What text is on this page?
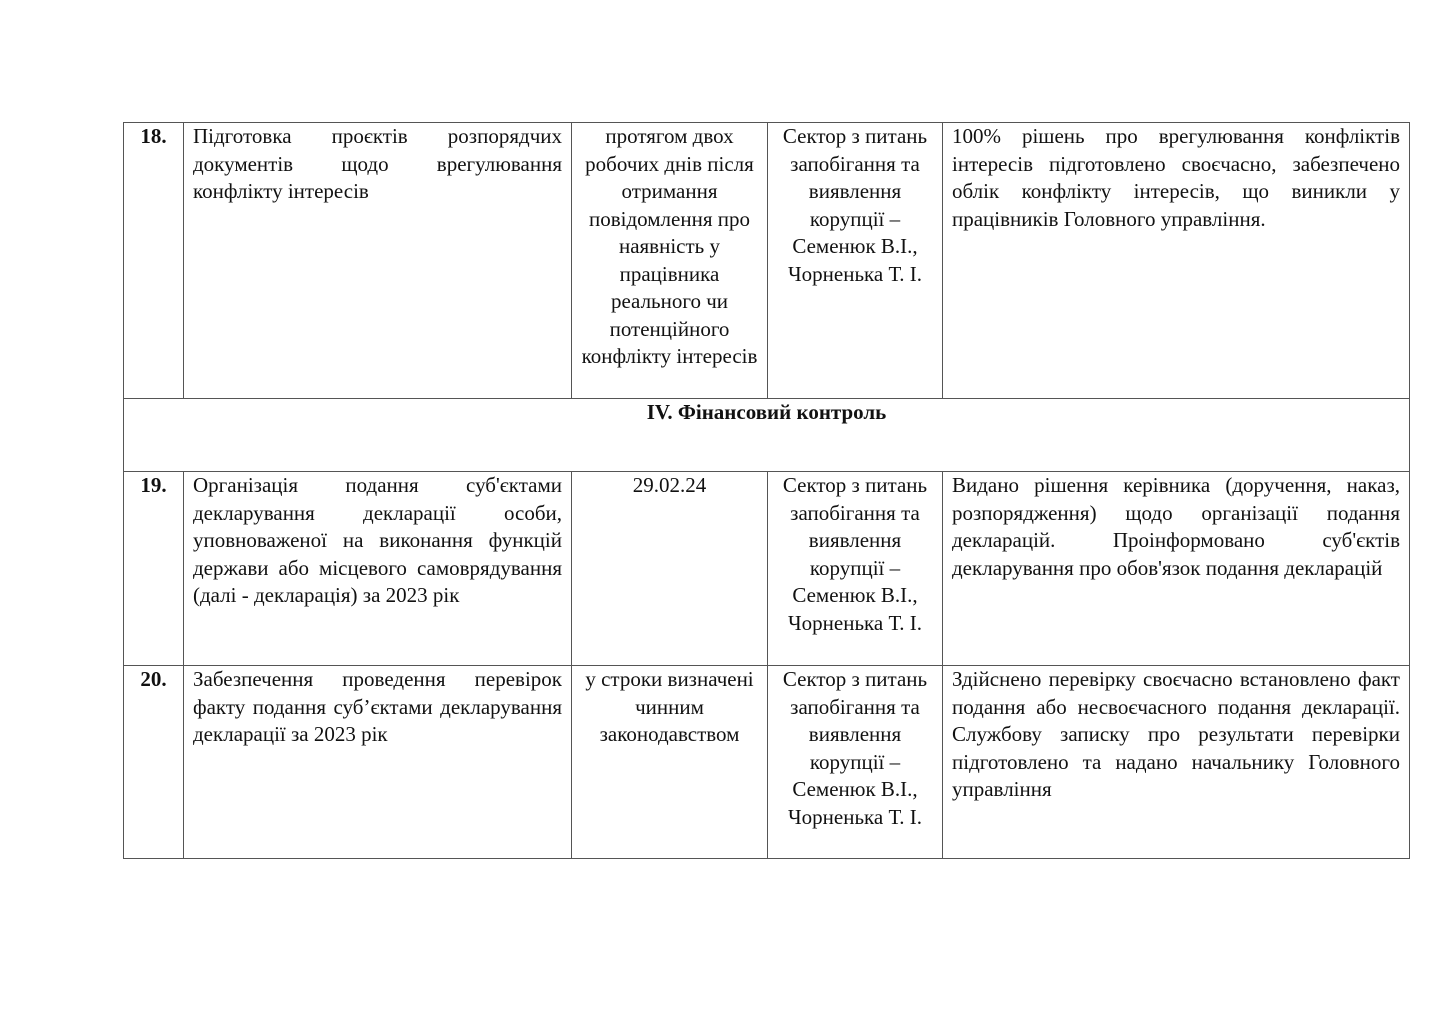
18.	Підготовка проєктів розпорядчих документів щодо врегулювання конфлікту інтересів	протягом двох робочих днів після отримання повідомлення про наявність у працівника реального чи потенційного конфлікту інтересів	Сектор з питань запобігання та виявлення корупції – Семенюк В.І., Чорненька Т. І.	100% рішень про врегулювання конфліктів інтересів підготовлено своєчасно, забезпечено облік конфлікту інтересів, що виникли у працівників Головного управління.
IV. Фінансовий контроль				
19.	Організація подання суб'єктами декларування декларації особи, уповноваженої на виконання функцій держави або місцевого самоврядування (далі - декларація) за 2023 рік	29.02.24	Сектор з питань запобігання та виявлення корупції – Семенюк В.І., Чорненька Т. І.	Видано рішення керівника (доручення, наказ, розпорядження) щодо організації подання декларацій. Проінформовано суб'єктів декларування про обов'язок подання декларацій
20.	Забезпечення проведення перевірок факту подання суб’єктами декларування декларації за 2023 рік	у строки визначені чинним законодавством	Сектор з питань запобігання та виявлення корупції – Семенюк В.І., Чорненька Т. І.	Здійснено перевірку своєчасно встановлено факт подання або несвоєчасного подання декларації. Службову записку про результати перевірки підготовлено та надано начальнику Головного управління
